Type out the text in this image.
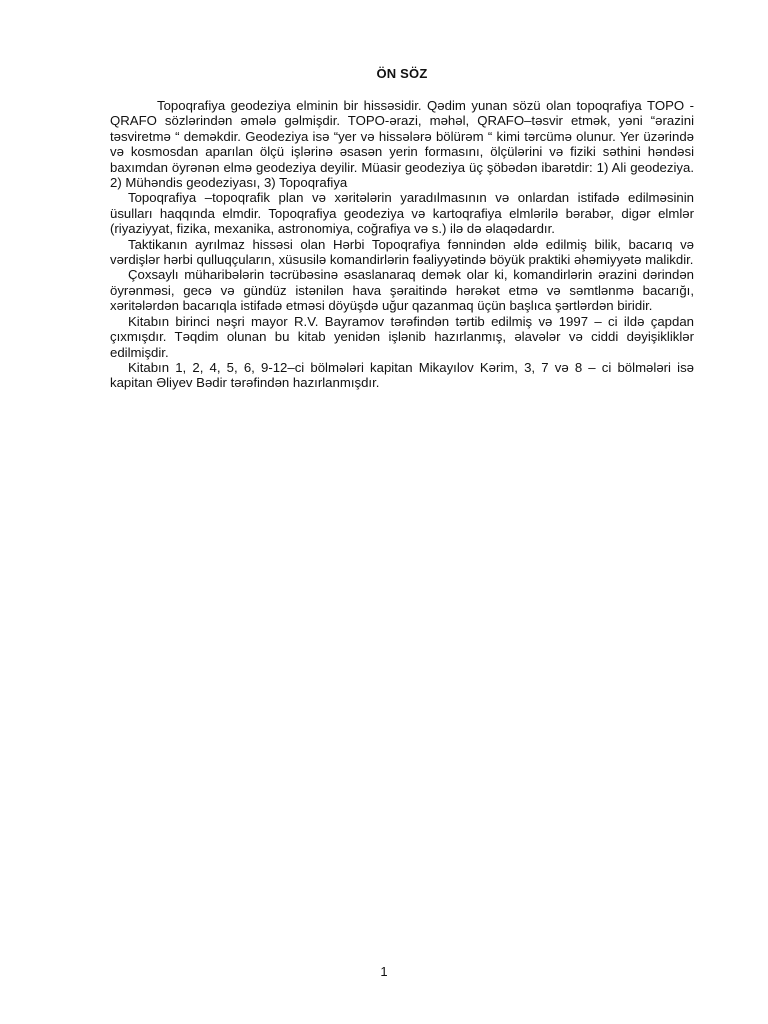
ÖN SÖZ

Topoqrafiya geodeziya elminin bir hissəsidir. Qədim yunan sözü olan topoqrafiya TOPO - QRAFO sözlərindən əmələ gəlmişdir. TOPO-ərazi, məhəl, QRAFO–təsvir etmək, yəni “ərazini təsviretmə “ deməkdir. Geodeziya isə “yer və hissələrə bölürəm “ kimi tərcümə olunur. Yer üzərində və kosmosdan aparılan ölçü işlərinə əsasən yerin formasını, ölçülərini və fiziki səthini həndəsi baxımdan öyrənən elmə geodeziya deyilir. Müasir geodeziya üç şöbədən ibarətdir: 1) Ali geodeziya. 2) Mühəndis geodeziyası, 3) Topoqrafiya

Topoqrafiya –topoqrafik plan və xəritələrin yaradılmasının və onlardan istifadə edilməsinin üsulları haqqında elmdir. Topoqrafiya geodeziya və kartoqrafiya elmlərilə bərabər, digər elmlər (riyaziyyat, fizika, mexanika, astronomiya, coğrafiya və s.) ilə də əlaqədardır.

Taktikanın ayrılmaz hissəsi olan Hərbi Topoqrafiya fənnindən əldə edilmiş bilik, bacarıq və vərdişlər hərbi qulluqçuların, xüsusilə komandirlərin fəaliyyətində böyük praktiki əhəmiyyətə malikdir.

Çoxsaylı müharibələrin təcrübəsinə əsaslanaraq demək olar ki, komandirlərin ərazini dərindən öyrənməsi, gecə və gündüz istənilən hava şəraitində hərəkət etmə və səmtlənmə bacarığı, xəritələrdən bacarıqla istifadə etməsi döyüşdə uğur qazanmaq üçün başlıca şərtlərdən biridir.

Kitabın birinci nəşri mayor R.V. Bayramov tərəfindən tərtib edilmiş və 1997 – ci ildə çapdan çıxmışdır. Təqdim olunan bu kitab yenidən işlənib hazırlanmış, əlavələr və ciddi dəyişikliklər edilmişdir.

Kitabın 1, 2, 4, 5, 6, 9-12–ci bölmələri kapitan Mikayılov Kərim, 3, 7 və 8 – ci bölmələri isə kapitan Əliyev Bədir tərəfindən hazırlanmışdır.

1
